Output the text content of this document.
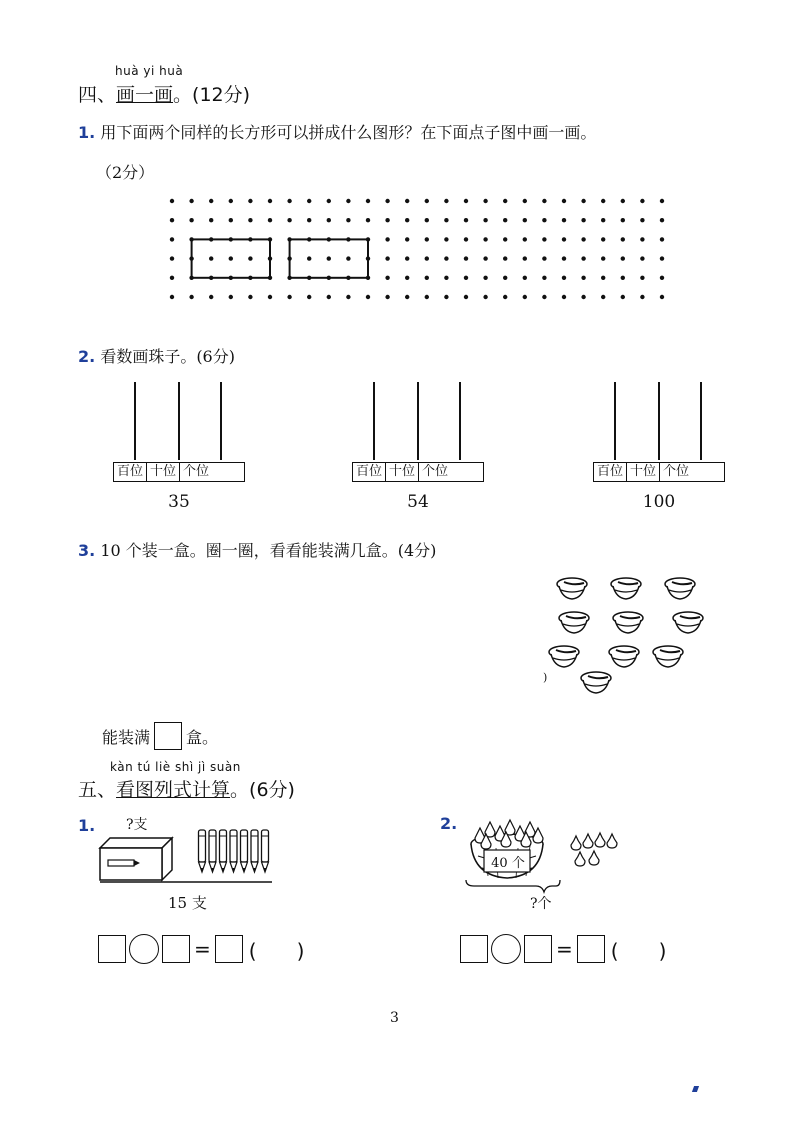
huà yi huà
四、画一画。(12分)
1. 用下面两个同样的长方形可以拼成什么图形？在下面点子图中画一画。
（2分）
2. 看数画珠子。(6分)
百位 十位 个位
35
百位 十位 个位
54
百位 十位 个位
100
3. 10 个装一盒。圈一圈，看看能装满几盒。(4分)
)
能装满 盒。
kàn tú liè shì jì suàn
五、看图列式计算。(6分)
1. ?支
15 支
= (　　)
2.
40 个
?个
= (　　)
3
